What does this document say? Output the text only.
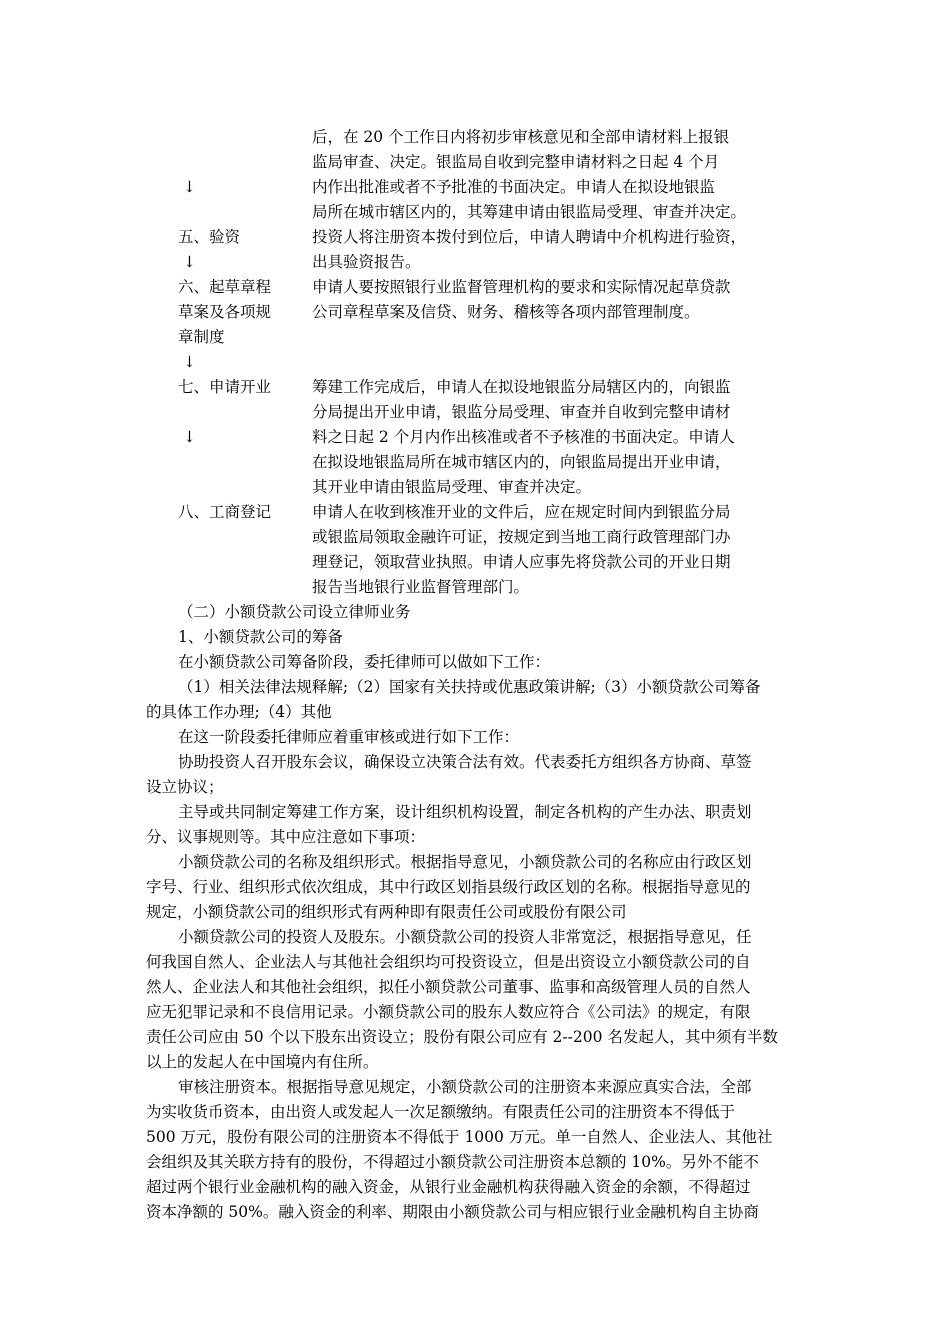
后，在 20 个工作日内将初步审核意见和全部申请材料上报银
监局审查、决定。银监局自收到完整申请材料之日起 4 个月
↓	内作出批准或者不予批准的书面决定。申请人在拟设地银监
局所在城市辖区内的，其筹建申请由银监局受理、审查并决定。
五、验资	投资人将注册资本拨付到位后，申请人聘请中介机构进行验资，
↓	出具验资报告。
六、起草章程	申请人要按照银行业监督管理机构的要求和实际情况起草贷款
草案及各项规	公司章程草案及信贷、财务、稽核等各项内部管理制度。
章制度
↓
七、申请开业	筹建工作完成后，申请人在拟设地银监分局辖区内的，向银监
分局提出开业申请，银监分局受理、审查并自收到完整申请材
↓	料之日起 2 个月内作出核准或者不予核准的书面决定。申请人
在拟设地银监局所在城市辖区内的，向银监局提出开业申请，
其开业申请由银监局受理、审查并决定。
八、工商登记	申请人在收到核准开业的文件后，应在规定时间内到银监分局
或银监局领取金融许可证，按规定到当地工商行政管理部门办
理登记，领取营业执照。申请人应事先将贷款公司的开业日期
报告当地银行业监督管理部门。
（二）小额贷款公司设立律师业务
1、小额贷款公司的筹备
在小额贷款公司筹备阶段，委托律师可以做如下工作：
（1）相关法律法规释解;（2）国家有关扶持或优惠政策讲解;（3）小额贷款公司筹备
的具体工作办理;（4）其他
在这一阶段委托律师应着重审核或进行如下工作：
协助投资人召开股东会议，确保设立决策合法有效。代表委托方组织各方协商、草签
设立协议；
主导或共同制定筹建工作方案，设计组织机构设置，制定各机构的产生办法、职责划
分、议事规则等。其中应注意如下事项：
小额贷款公司的名称及组织形式。根据指导意见，小额贷款公司的名称应由行政区划
字号、行业、组织形式依次组成，其中行政区划指县级行政区划的名称。根据指导意见的
规定，小额贷款公司的组织形式有两种即有限责任公司或股份有限公司
小额贷款公司的投资人及股东。小额贷款公司的投资人非常宽泛，根据指导意见，任
何我国自然人、企业法人与其他社会组织均可投资设立，但是出资设立小额贷款公司的自
然人、企业法人和其他社会组织，拟任小额贷款公司董事、监事和高级管理人员的自然人
应无犯罪记录和不良信用记录。小额贷款公司的股东人数应符合《公司法》的规定，有限
责任公司应由 50 个以下股东出资设立；股份有限公司应有 2--200 名发起人，其中须有半数
以上的发起人在中国境内有住所。
审核注册资本。根据指导意见规定，小额贷款公司的注册资本来源应真实合法，全部
为实收货币资本，由出资人或发起人一次足额缴纳。有限责任公司的注册资本不得低于
500 万元，股份有限公司的注册资本不得低于 1000 万元。单一自然人、企业法人、其他社
会组织及其关联方持有的股份，不得超过小额贷款公司注册资本总额的 10%。另外不能不
超过两个银行业金融机构的融入资金，从银行业金融机构获得融入资金的余额，不得超过
资本净额的 50%。融入资金的利率、期限由小额贷款公司与相应银行业金融机构自主协商
